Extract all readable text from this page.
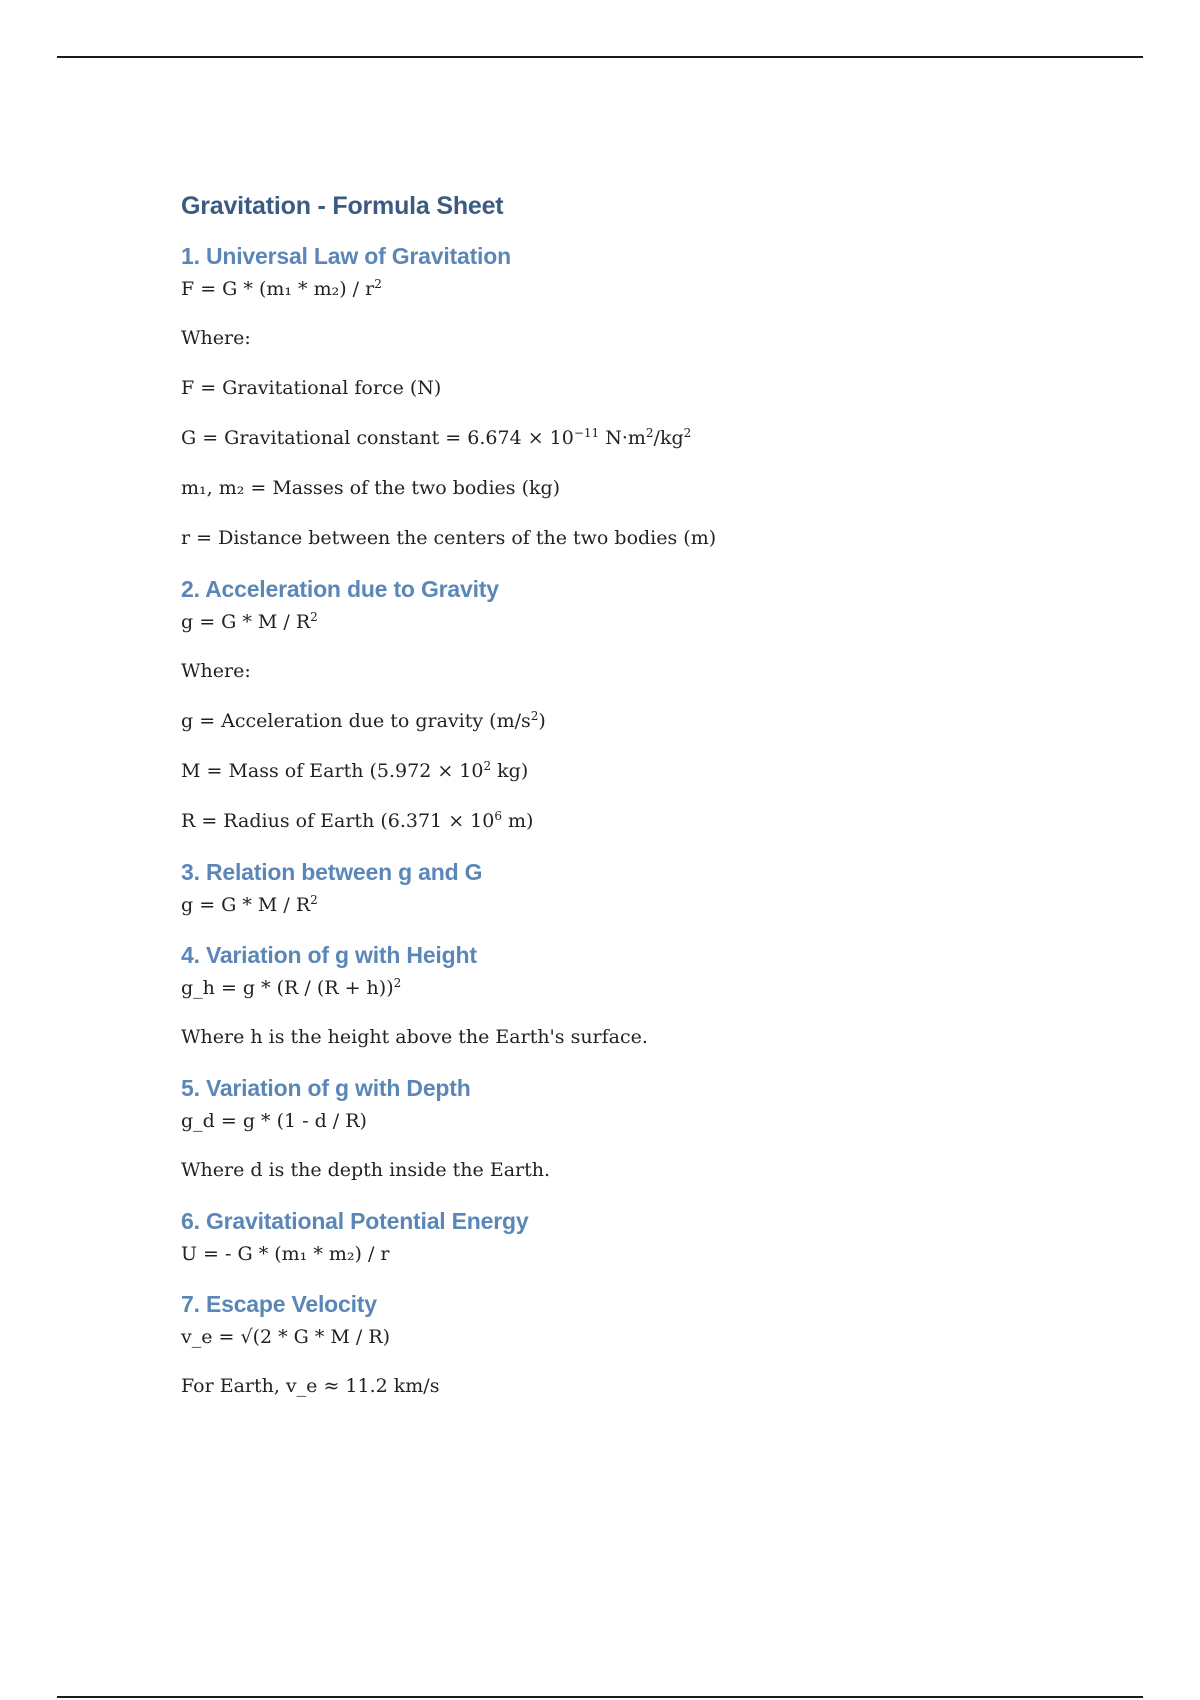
Gravitation - Formula Sheet
1. Universal Law of Gravitation

$F = G * (m_1 * m_2) / r^2$

Where:

F = Gravitational force (N)

G = Gravitational constant = $6.674 \times 10^{-11}$ $N\cdot m^2/kg^2$

m₁, m₂ = Masses of the two bodies (kg)

r = Distance between the centers of the two bodies (m)

2. Acceleration due to Gravity

$g = G * M / R^2$

Where:

g = Acceleration due to gravity $(m/s^2)$

M = Mass of Earth ($5.972 \times 10^2$ kg)

R = Radius of Earth ($6.371 \times 10^6$ m)

3. Relation between g and G

$g = G * M / R^2$

4. Variation of g with Height

g_h = $g * (R / (R + h))^2$

Where h is the height above the Earth's surface.

5. Variation of g with Depth

g_d = g * (1 - d / R)

Where d is the depth inside the Earth.

6. Gravitational Potential Energy

U = - G * (m₁ * m₂) / r

7. Escape Velocity

v_e = √(2 * G * M / R)

For Earth, v_e ≈ 11.2 km/s
